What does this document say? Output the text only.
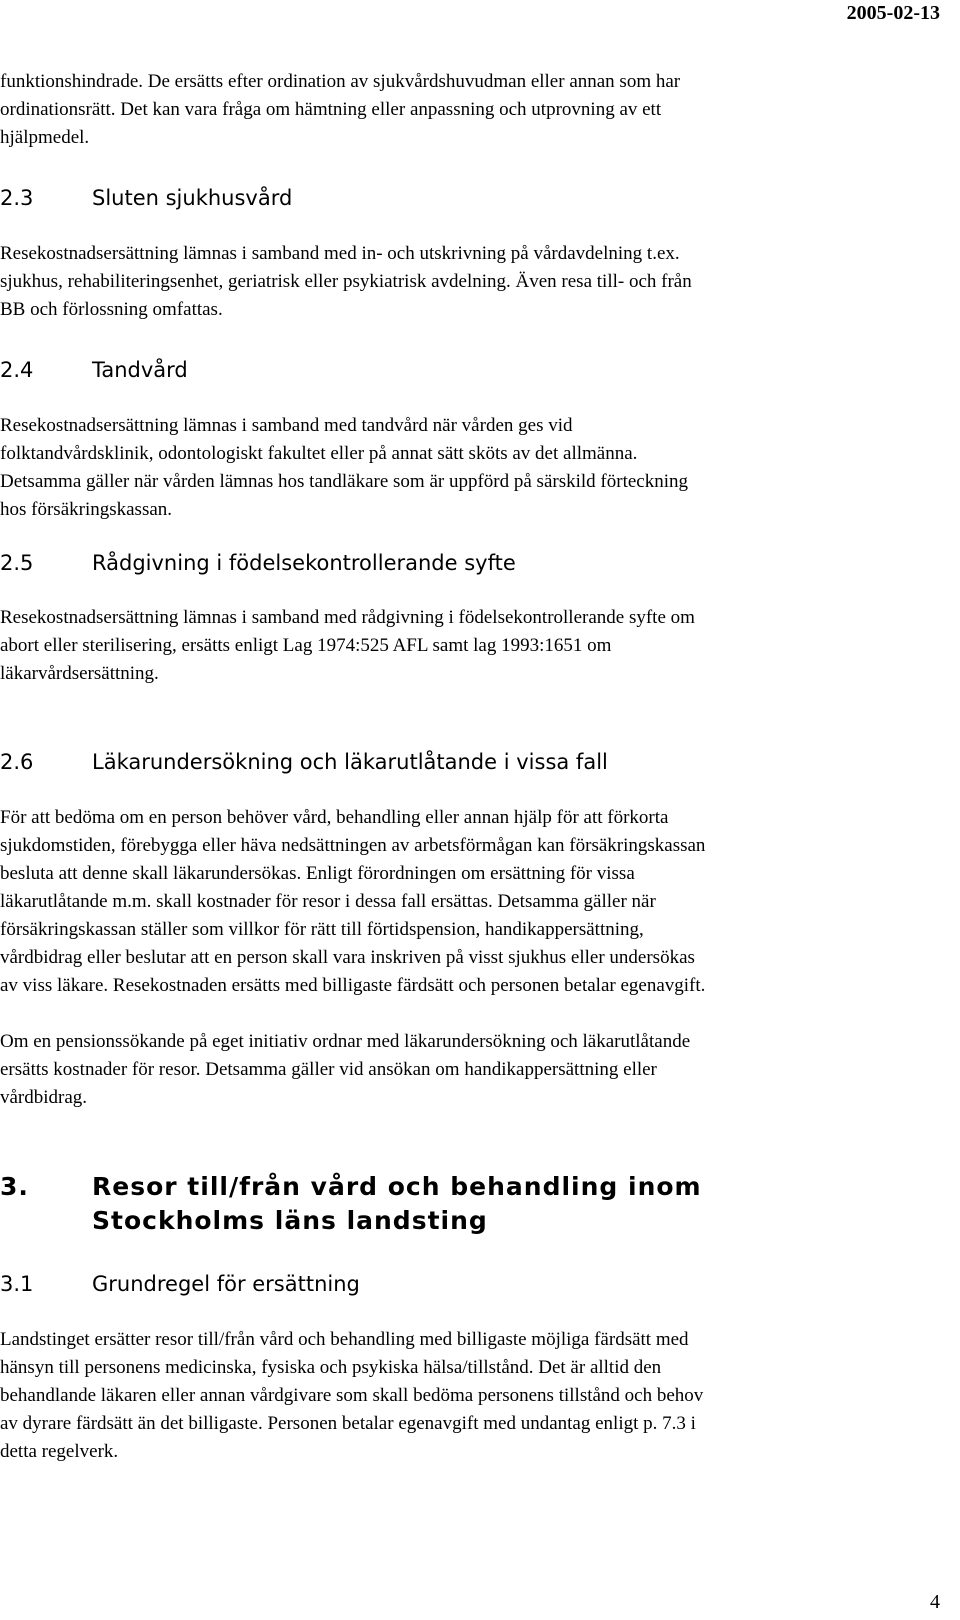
2005-02-13
funktionshindrade. De ersätts efter ordination av sjukvårdshuvudman eller annan som har
ordinationsrätt. Det kan vara fråga om hämtning eller anpassning och utprovning av ett
hjälpmedel.
2.3	Sluten sjukhusvård
Resekostnadsersättning lämnas i samband med in- och utskrivning på vårdavdelning t.ex.
sjukhus, rehabiliteringsenhet, geriatrisk eller psykiatrisk avdelning. Även resa till- och från
BB och förlossning omfattas.
2.4	Tandvård
Resekostnadsersättning lämnas i samband med tandvård när vården ges vid
folktandvårdsklinik, odontologiskt fakultet eller på annat sätt sköts av det allmänna.
Detsamma gäller när vården lämnas hos tandläkare som är uppförd på särskild förteckning
hos försäkringskassan.
2.5	Rådgivning i födelsekontrollerande syfte
Resekostnadsersättning lämnas i samband med rådgivning i födelsekontrollerande syfte om
abort eller sterilisering, ersätts enligt Lag 1974:525 AFL samt lag 1993:1651 om
läkarvårdsersättning.
2.6	Läkarundersökning och läkarutlåtande i vissa fall
För att bedöma om en person behöver vård, behandling eller annan hjälp för att förkorta
sjukdomstiden, förebygga eller häva nedsättningen av arbetsförmågan kan försäkringskassan
besluta att denne skall läkarundersökas. Enligt förordningen om ersättning för vissa
läkarutlåtande m.m. skall kostnader för resor i dessa fall ersättas. Detsamma gäller när
försäkringskassan ställer som villkor för rätt till förtidspension, handikappersättning,
vårdbidrag eller beslutar att en person skall vara inskriven på visst sjukhus eller undersökas
av viss läkare. Resekostnaden ersätts med billigaste färdsätt och personen betalar egenavgift.
Om en pensionssökande på eget initiativ ordnar med läkarundersökning och läkarutlåtande
ersätts kostnader för resor. Detsamma gäller vid ansökan om handikappersättning eller
vårdbidrag.
3.	Resor till/från vård och behandling inom
Stockholms läns landsting
3.1	Grundregel för ersättning
Landstinget ersätter resor till/från vård och behandling med billigaste möjliga färdsätt med
hänsyn till personens medicinska, fysiska och psykiska hälsa/tillstånd. Det är alltid den
behandlande läkaren eller annan vårdgivare som skall bedöma personens tillstånd och behov
av dyrare färdsätt än det billigaste. Personen betalar egenavgift med undantag enligt p. 7.3 i
detta regelverk.
4
